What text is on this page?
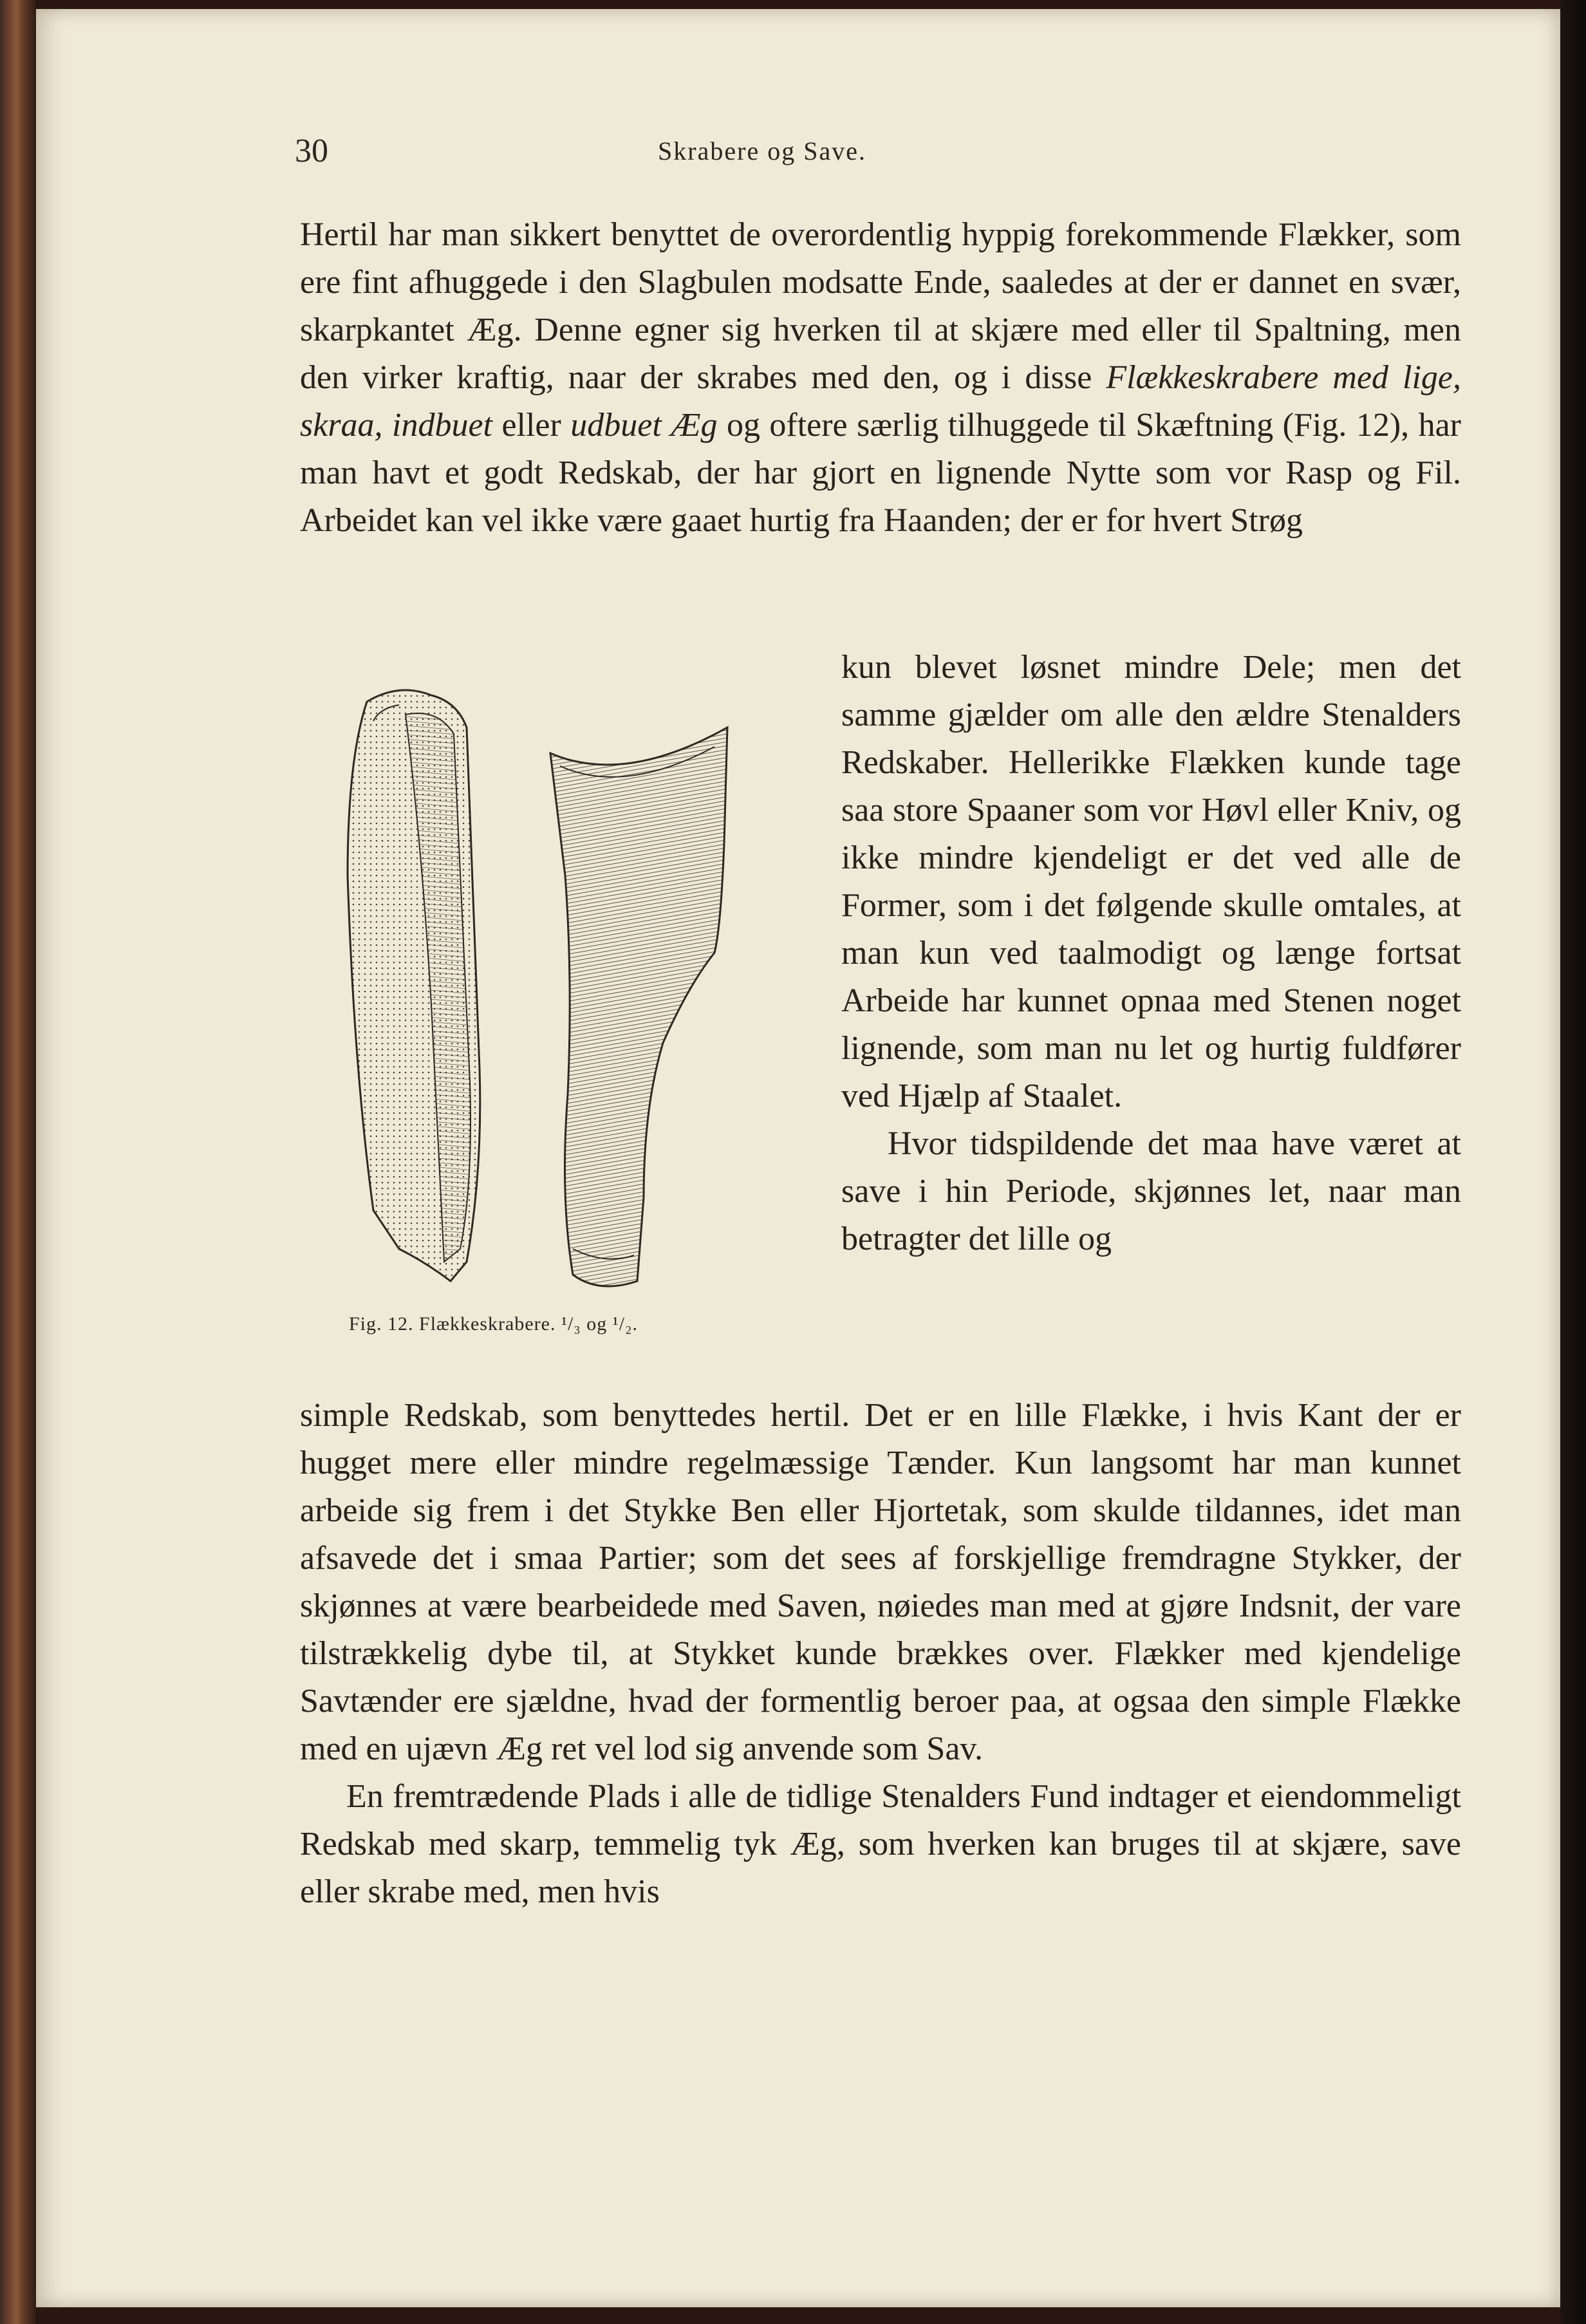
30	Skrabere og Save.

Hertil har man sikkert benyttet de overordentlig hyppig forekommende Flækker, som ere fint afhuggede i den Slagbulen modsatte Ende, saaledes at der er dannet en svær, skarpkantet Æg. Denne egner sig hverken til at skjære med eller til Spaltning, men den virker kraftig, naar der skrabes med den, og i disse Flækkeskrabere med lige, skraa, indbuet eller udbuet Æg og oftere særlig tilhuggede til Skæftning (Fig. 12), har man havt et godt Redskab, der har gjort en lignende Nytte som vor Rasp og Fil. Arbeidet kan vel ikke være gaaet hurtig fra Haanden; der er for hvert Strøg

Fig. 12. Flækkeskrabere. ¹/₃ og ¹/₂.

kun blevet løsnet mindre Dele; men det samme gjælder om alle den ældre Stenalders Redskaber. Hellerikke Flækken kunde tage saa store Spaaner som vor Høvl eller Kniv, og ikke mindre kjendeligt er det ved alle de Former, som i det følgende skulle omtales, at man kun ved taalmodigt og længe fortsat Arbeide har kunnet opnaa med Stenen noget lignende, som man nu let og hurtig fuldfører ved Hjælp af Staalet.

Hvor tidspildende det maa have været at save i hin Periode, skjønnes let, naar man betragter det lille og

simple Redskab, som benyttedes hertil. Det er en lille Flække, i hvis Kant der er hugget mere eller mindre regelmæssige Tænder. Kun langsomt har man kunnet arbeide sig frem i det Stykke Ben eller Hjortetak, som skulde tildannes, idet man afsavede det i smaa Partier; som det sees af forskjellige fremdragne Stykker, der skjønnes at være bearbeidede med Saven, nøiedes man med at gjøre Indsnit, der vare tilstrækkelig dybe til, at Stykket kunde brækkes over. Flækker med kjendelige Savtænder ere sjældne, hvad der formentlig beroer paa, at ogsaa den simple Flække med en ujævn Æg ret vel lod sig anvende som Sav.

En fremtrædende Plads i alle de tidlige Stenalders Fund indtager et eiendommeligt Redskab med skarp, temmelig tyk Æg, som hverken kan bruges til at skjære, save eller skrabe med, men hvis
